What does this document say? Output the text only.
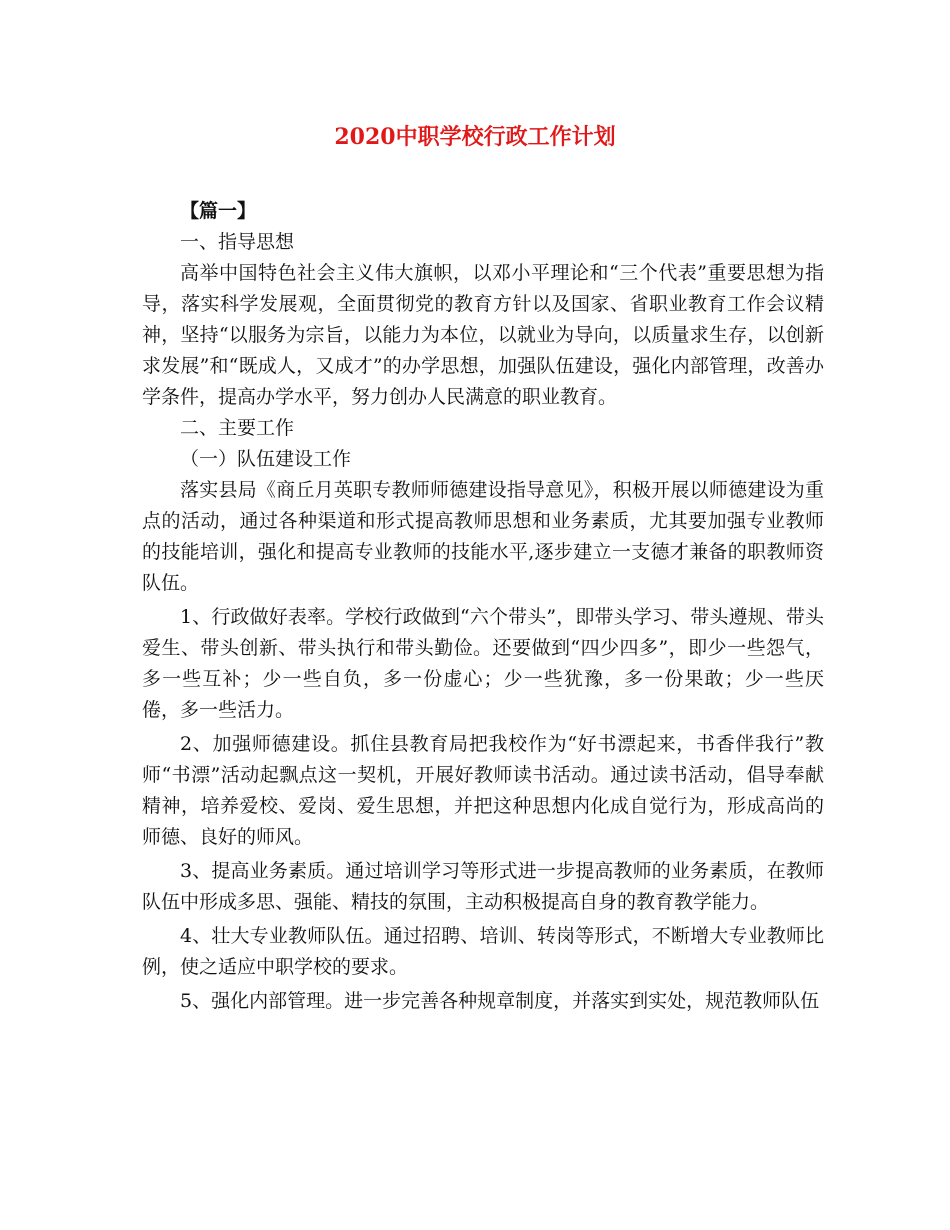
2020中职学校行政工作计划

【篇一】

一、指导思想

高举中国特色社会主义伟大旗帜，以邓小平理论和“三个代表”重要思想为指导，落实科学发展观，全面贯彻党的教育方针以及国家、省职业教育工作会议精神，坚持“以服务为宗旨，以能力为本位，以就业为导向，以质量求生存，以创新求发展”和“既成人，又成才”的办学思想，加强队伍建设，强化内部管理，改善办学条件，提高办学水平，努力创办人民满意的职业教育。

二、主要工作

（一）队伍建设工作

落实县局《商丘月英职专教师师德建设指导意见》，积极开展以师德建设为重点的活动，通过各种渠道和形式提高教师思想和业务素质，尤其要加强专业教师的技能培训，强化和提高专业教师的技能水平,逐步建立一支德才兼备的职教师资队伍。

1、行政做好表率。学校行政做到“六个带头”，即带头学习、带头遵规、带头爱生、带头创新、带头执行和带头勤俭。还要做到“四少四多”，即少一些怨气，多一些互补；少一些自负，多一份虚心；少一些犹豫，多一份果敢；少一些厌倦，多一些活力。

2、加强师德建设。抓住县教育局把我校作为“好书漂起来，书香伴我行”教师“书漂”活动起飘点这一契机，开展好教师读书活动。通过读书活动，倡导奉献精神，培养爱校、爱岗、爱生思想，并把这种思想内化成自觉行为，形成高尚的师德、良好的师风。

3、提高业务素质。通过培训学习等形式进一步提高教师的业务素质，在教师队伍中形成多思、强能、精技的氛围，主动积极提高自身的教育教学能力。

4、壮大专业教师队伍。通过招聘、培训、转岗等形式，不断增大专业教师比例，使之适应中职学校的要求。

5、强化内部管理。进一步完善各种规章制度，并落实到实处，规范教师队伍
